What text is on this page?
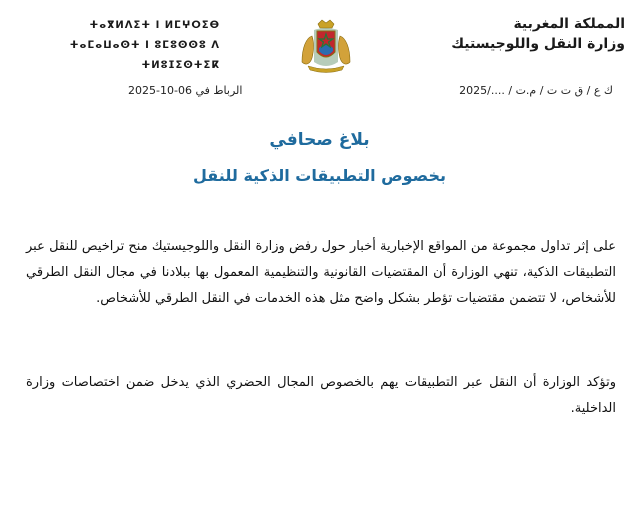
المملكة المغربية
وزارة النقل واللوجيستيك
ⵜⴰⴳⵍⴷⵉⵜ ⵏ ⵍⵎⵖⵔⵉⴱ
ⵜⴰⵎⴰⵡⴰⵙⵜ ⵏ ⵓⵎⵓⵙⵙⵓ ⴷ ⵜⵍⵓⵊⵉⵙⵜⵉⴽ
ك ع / ق ت ت / م.ت / ..../2025
الرباط في 06-10-2025
بلاغ صحافي
بخصوص التطبيقات الذكية للنقل
على إثر تداول مجموعة من المواقع الإخبارية أخبار حول رفض وزارة النقل واللوجيستيك منح تراخيص للنقل عبر التطبيقات الذكية، تنهي الوزارة أن المقتضيات القانونية والتنظيمية المعمول بها ببلادنا في مجال النقل الطرقي للأشخاص، لا تتضمن مقتضيات تؤطر بشكل واضح مثل هذه الخدمات في النقل الطرقي للأشخاص.
وتؤكد الوزارة أن النقل عبر التطبيقات يهم بالخصوص المجال الحضري الذي يدخل ضمن اختصاصات وزارة الداخلية.
